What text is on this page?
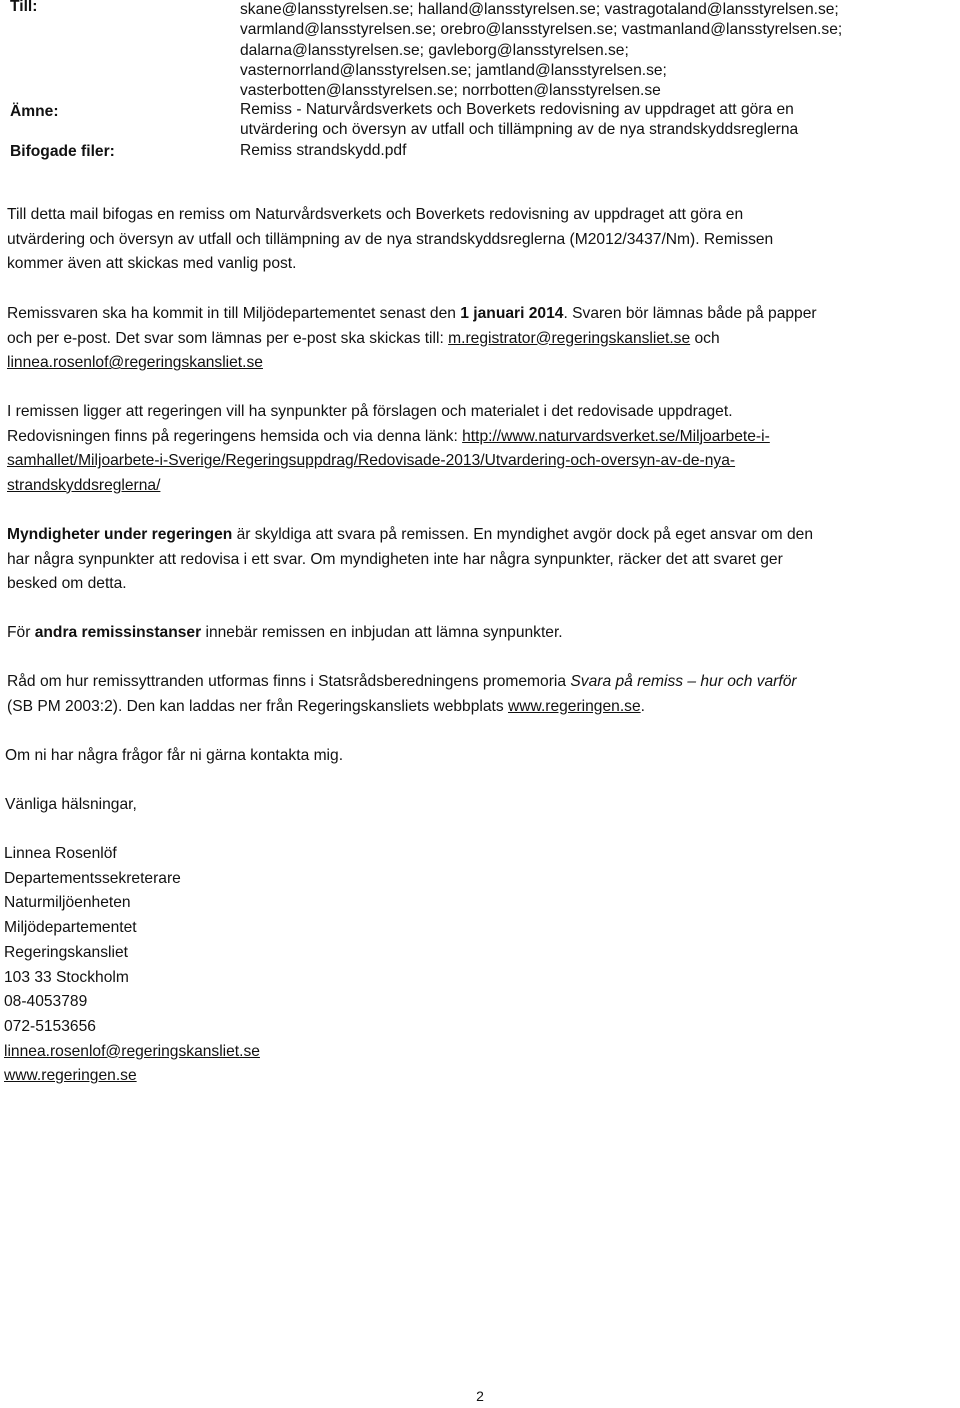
Till:	skane@lansstyrelsen.se; halland@lansstyrelsen.se; vastragotaland@lansstyrelsen.se;
varmland@lansstyrelsen.se; orebro@lansstyrelsen.se; vastmanland@lansstyrelsen.se;
dalarna@lansstyrelsen.se; gavleborg@lansstyrelsen.se;
vasternorrland@lansstyrelsen.se; jamtland@lansstyrelsen.se;
vasterbotten@lansstyrelsen.se; norrbotten@lansstyrelsen.se
Ämne:	Remiss - Naturvårdsverkets och Boverkets redovisning av uppdraget att göra en
utvärdering och översyn av utfall och tillämpning av de nya strandskyddsreglerna
Bifogade filer:	Remiss strandskydd.pdf
Till detta mail bifogas en remiss om Naturvårdsverkets och Boverkets redovisning av uppdraget att göra en
utvärdering och översyn av utfall och tillämpning av de nya strandskyddsreglerna (M2012/3437/Nm). Remissen
kommer även att skickas med vanlig post.
Remissvaren ska ha kommit in till Miljödepartementet senast den 1 januari 2014. Svaren bör lämnas både på papper
och per e-post. Det svar som lämnas per e-post ska skickas till: m.registrator@regeringskansliet.se och
linnea.rosenlof@regeringskansliet.se
I remissen ligger att regeringen vill ha synpunkter på förslagen och materialet i det redovisade uppdraget.
Redovisningen finns på regeringens hemsida och via denna länk: http://www.naturvardsverket.se/Miljoarbete-i-
samhallet/Miljoarbete-i-Sverige/Regeringsuppdrag/Redovisade-2013/Utvardering-och-oversyn-av-de-nya-
strandskyddsreglerna/
Myndigheter under regeringen är skyldiga att svara på remissen. En myndighet avgör dock på eget ansvar om den
har några synpunkter att redovisa i ett svar. Om myndigheten inte har några synpunkter, räcker det att svaret ger
besked om detta.
För andra remissinstanser innebär remissen en inbjudan att lämna synpunkter.
Råd om hur remissyttranden utformas finns i Statsrådsberedningens promemoria Svara på remiss – hur och varför
(SB PM 2003:2). Den kan laddas ner från Regeringskansliets webbplats www.regeringen.se.
Om ni har några frågor får ni gärna kontakta mig.
Vänliga hälsningar,
Linnea Rosenlöf
Departementssekreterare
Naturmiljöenheten
Miljödepartementet
Regeringskansliet
103 33 Stockholm
08-4053789
072-5153656
linnea.rosenlof@regeringskansliet.se
www.regeringen.se
2
